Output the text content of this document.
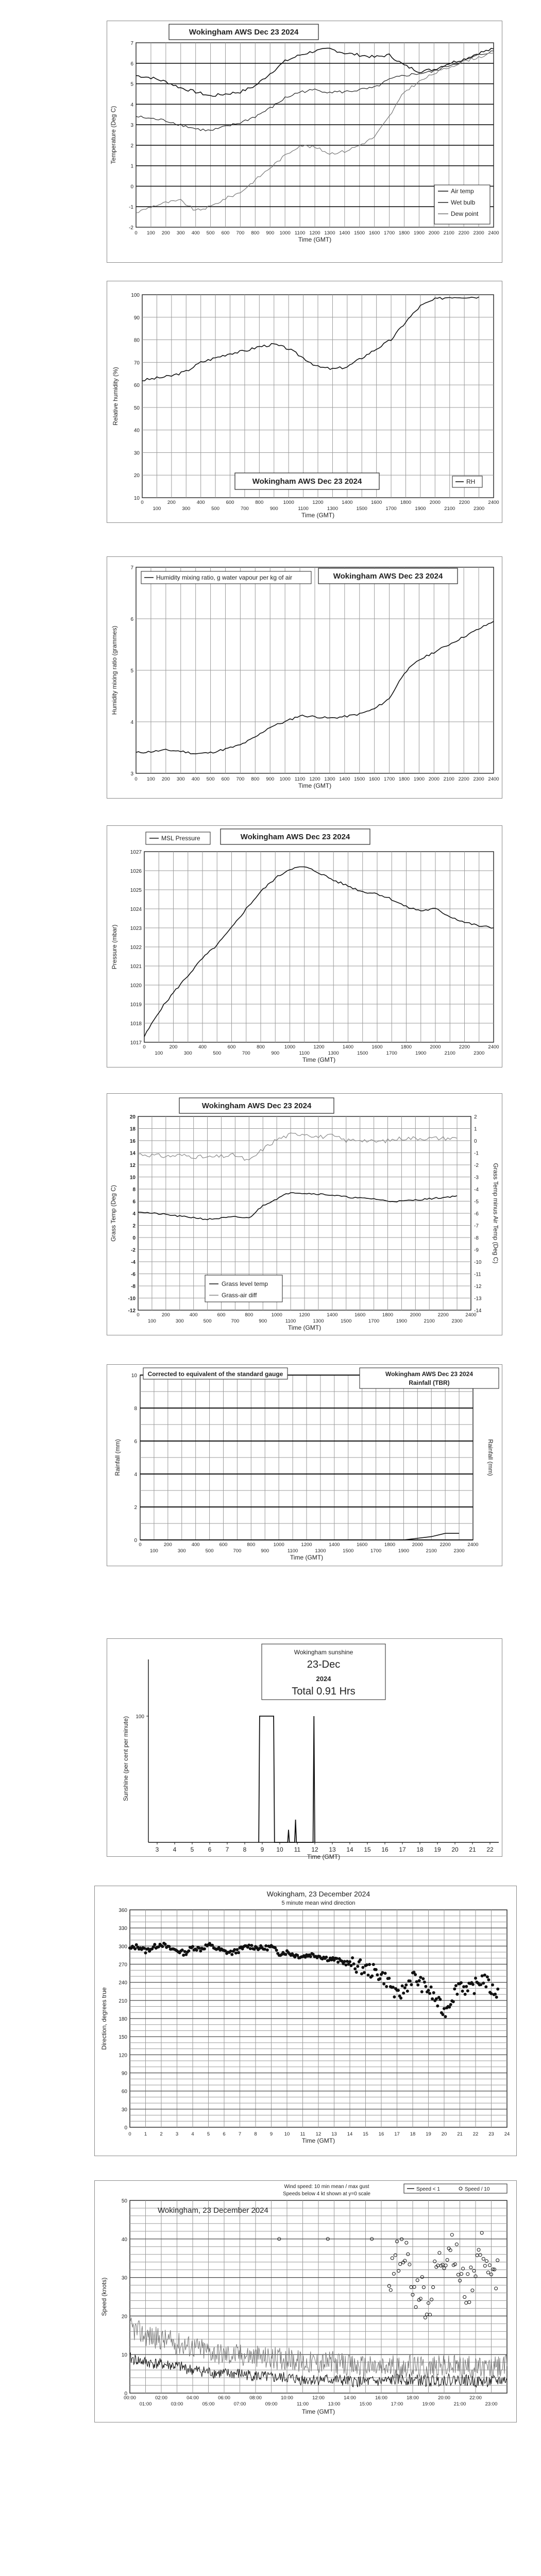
-2
-1
0
1
2
3
4
5
6
7
0 100 200 300 400 500 600 700 800 900 1000 1100 1200 1300 1400 1500 1600 1700 1800 1900 2000 2100 2200 2300 2400
Time (GMT)
Temperature (Deg C)
Wokingham AWS Dec 23 2024
Air temp
Wet bulb
Dew point
10
20
30
40
50
60
70
80
90
100
0	200	400	600	800	1000	1200	1400	1600	1800	2000	2200	2400
100	300	500	700	900	1100	1300	1500	1700	1900	2100	2300
Time (GMT)
Relative humidity (%)
Wokingham AWS Dec 23 2024	RH
3
4
5
6
7
0 100 200 300 400 500 600 700 800 900 1000 1100 1200 1300 1400 1500 1600 1700 1800 1900 2000 2100 2200 2300 2400
Time (GMT)
Humidity mixing ratio (grammes)
Humidity mixing ratio, g water vapour per kg of air	Wokingham AWS Dec 23 2024
1017
1018
1019
1020
1021
1022
1023
1024
1025
1026
1027
0	200	400	600	800	1000	1200	1400	1600	1800	2000	2200	2400
100	300	500	700	900	1100	1300	1500	1700	1900	2100	2300
Time (GMT)
Pressure (mbar)
MSL Pressure	Wokingham AWS Dec 23 2024
20
18
16
14
12
10
8
6
4
2
0
-2
-4
-6
-8
-10
-12
2
1
0
-1
-2
-3
-4
-5
-6
-7
-8
-9
-10
-11
-12
-13
-14
0	200	400	600	800	1000	1200	1400	1600	1800	2000	2200	2400
100	300	500	700	900	1100	1300	1500	1700	1900	2100	2300
Time (GMT)
Grass Temp (Deg C)	Grass Temp minus Air Temp (Deg C)
Wokingham AWS Dec 23 2024
Grass level temp
Grass-air diff
0
2
4
6
8
10
0	200	400	600	800	1000	1200	1400	1600	1800	2000	2200	2400
100	300	500	700	900	1100	1300	1500	1700	1900	2100	2300
Time (GMT)
Rainfall (mm)	Rainfall (mm)
Corrected to equivalent of the standard gauge	Wokingham AWS Dec 23 2024
Rainfall (TBR)
100
3 4 5 6 7 8 9 10 11 12 13 14 15 16 17 18 19 20 21 22
Time (GMT)
Sunshine (per cent per minute)
Wokingham sunshine
23-Dec
2024
Total 0.91 Hrs
0
30
60
90
120
150
180
210
240
270
300
330
360
0	1	2	3	4	5	6	7	8	9 10 11 12 13 14 15 16 17 18 19 20 21 22 23 24
Time (GMT)
Direction, degrees true
Wokingham, 23 December 2024
5 minute mean wind direction
0
10
20
30
40
50
00:00	02:00	04:00	06:00	08:00	10:00	12:00	14:00	16:00	18:00	20:00	22:00
01:00	03:00	05:00	07:00	09:00	11:00	13:00	15:00	17:00	19:00	21:00	23:00
Time (GMT)
Speed (knots)
Wokingham, 23 December 2024
Wind speed: 10 min mean / max gust
Speeds below 4 kt shown at y=0 scale
Speed < 1	Speed / 10
